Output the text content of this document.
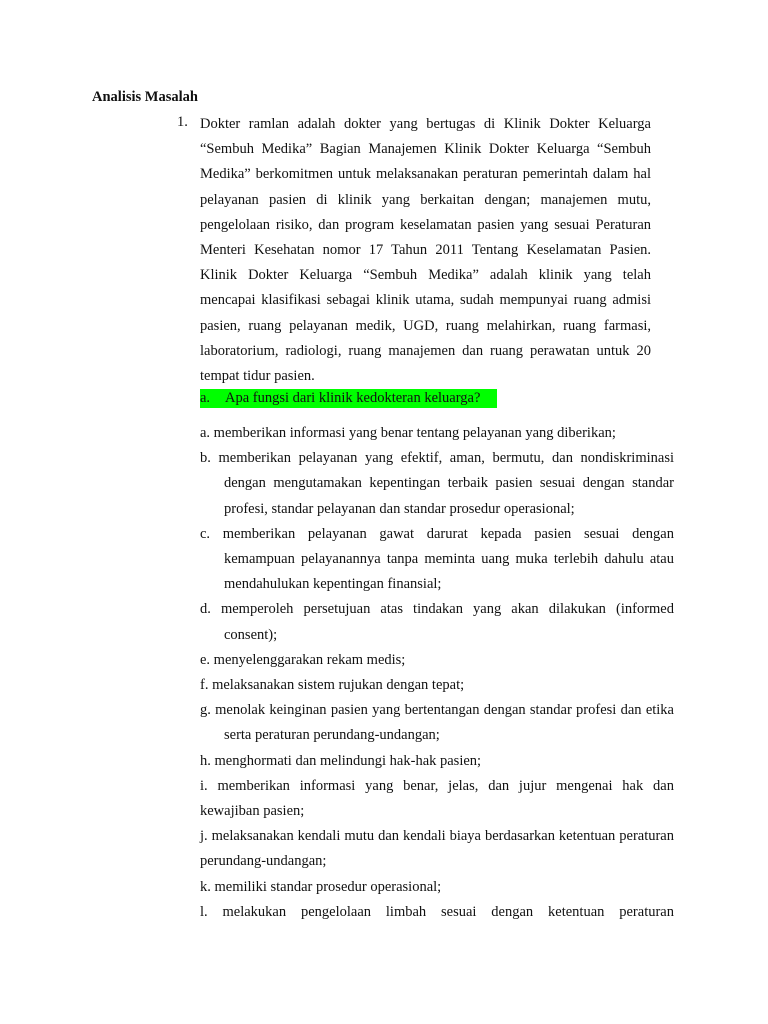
Analisis Masalah
1. Dokter ramlan adalah dokter yang bertugas di Klinik Dokter Keluarga “Sembuh Medika” Bagian Manajemen Klinik Dokter Keluarga “Sembuh Medika” berkomitmen untuk melaksanakan peraturan pemerintah dalam hal pelayanan pasien di klinik yang berkaitan dengan; manajemen mutu, pengelolaan risiko, dan program keselamatan pasien yang sesuai Peraturan Menteri Kesehatan nomor 17 Tahun 2011 Tentang Keselamatan Pasien. Klinik Dokter Keluarga “Sembuh Medika” adalah klinik yang telah mencapai klasifikasi sebagai klinik utama, sudah mempunyai ruang admisi pasien, ruang pelayanan medik, UGD, ruang melahirkan, ruang farmasi, laboratorium, radiologi, ruang manajemen dan ruang perawatan untuk 20 tempat tidur pasien.

a. Apa fungsi dari klinik kedokteran keluarga?

a. memberikan informasi yang benar tentang pelayanan yang diberikan;

b. memberikan pelayanan yang efektif, aman, bermutu, dan nondiskriminasi dengan mengutamakan kepentingan terbaik pasien sesuai dengan standar profesi, standar pelayanan dan standar prosedur operasional;

c. memberikan pelayanan gawat darurat kepada pasien sesuai dengan kemampuan pelayanannya tanpa meminta uang muka terlebih dahulu atau mendahulukan kepentingan finansial;

d. memperoleh persetujuan atas tindakan yang akan dilakukan (informed consent);

e. menyelenggarakan rekam medis;

f. melaksanakan sistem rujukan dengan tepat;

g. menolak keinginan pasien yang bertentangan dengan standar profesi dan etika serta peraturan perundang-undangan;

h. menghormati dan melindungi hak-hak pasien;

i. memberikan informasi yang benar, jelas, dan jujur mengenai hak dan kewajiban pasien;

j. melaksanakan kendali mutu dan kendali biaya berdasarkan ketentuan peraturan perundang-undangan;

k. memiliki standar prosedur operasional;

l. melakukan pengelolaan limbah sesuai dengan ketentuan peraturan
